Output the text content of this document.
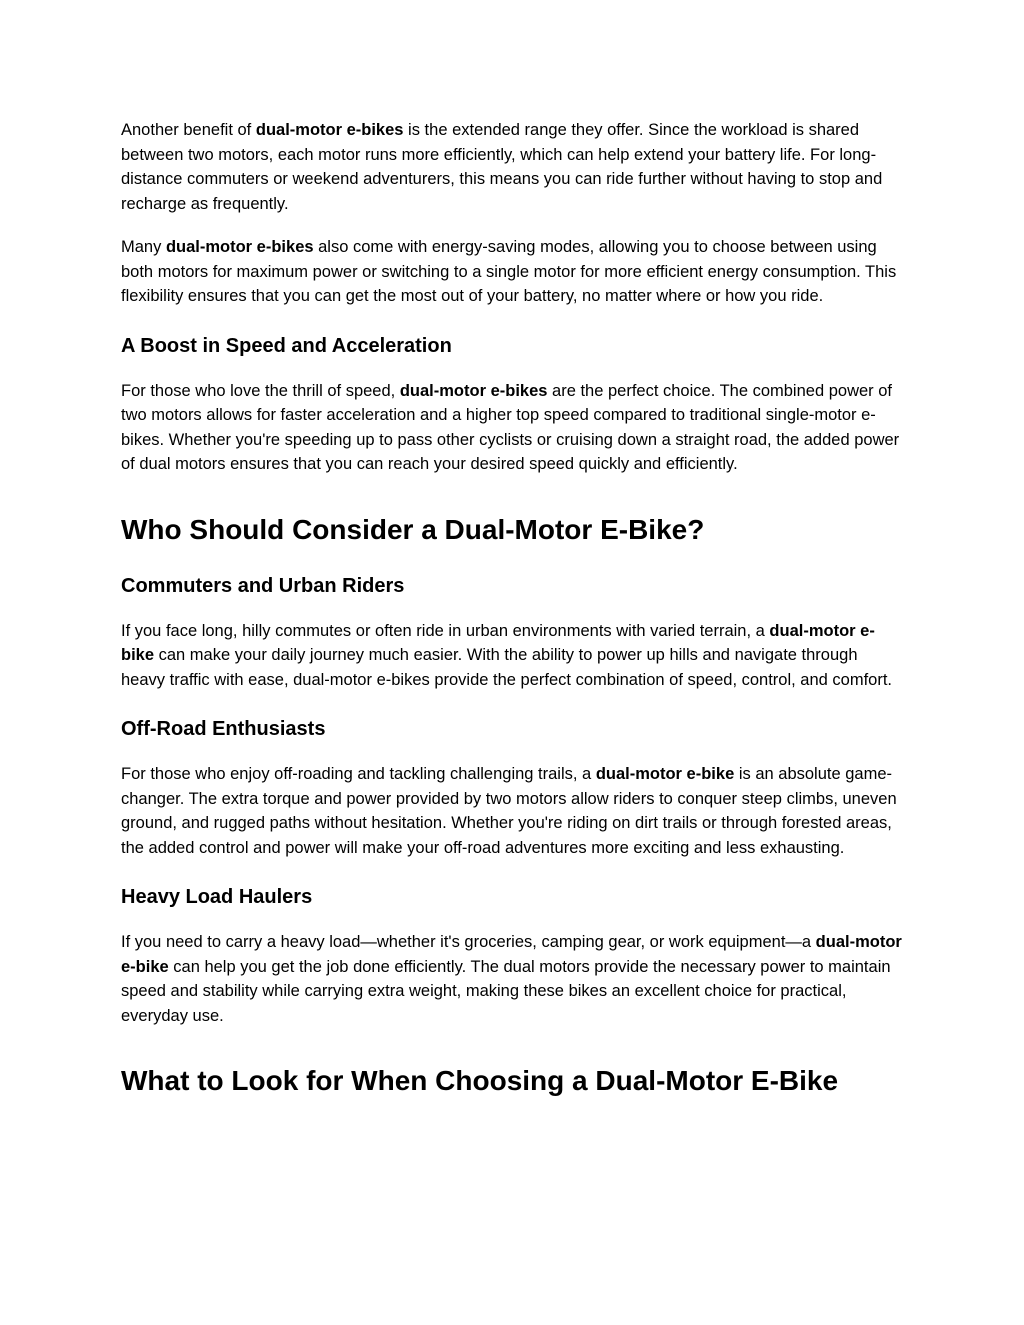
Another benefit of dual-motor e-bikes is the extended range they offer. Since the workload is shared between two motors, each motor runs more efficiently, which can help extend your battery life. For long-distance commuters or weekend adventurers, this means you can ride further without having to stop and recharge as frequently.

Many dual-motor e-bikes also come with energy-saving modes, allowing you to choose between using both motors for maximum power or switching to a single motor for more efficient energy consumption. This flexibility ensures that you can get the most out of your battery, no matter where or how you ride.

A Boost in Speed and Acceleration

For those who love the thrill of speed, dual-motor e-bikes are the perfect choice. The combined power of two motors allows for faster acceleration and a higher top speed compared to traditional single-motor e-bikes. Whether you're speeding up to pass other cyclists or cruising down a straight road, the added power of dual motors ensures that you can reach your desired speed quickly and efficiently.

Who Should Consider a Dual-Motor E-Bike?
Commuters and Urban Riders

If you face long, hilly commutes or often ride in urban environments with varied terrain, a dual-motor e-bike can make your daily journey much easier. With the ability to power up hills and navigate through heavy traffic with ease, dual-motor e-bikes provide the perfect combination of speed, control, and comfort.

Off-Road Enthusiasts

For those who enjoy off-roading and tackling challenging trails, a dual-motor e-bike is an absolute game-changer. The extra torque and power provided by two motors allow riders to conquer steep climbs, uneven ground, and rugged paths without hesitation. Whether you're riding on dirt trails or through forested areas, the added control and power will make your off-road adventures more exciting and less exhausting.

Heavy Load Haulers

If you need to carry a heavy load—whether it's groceries, camping gear, or work equipment—a dual-motor e-bike can help you get the job done efficiently. The dual motors provide the necessary power to maintain speed and stability while carrying extra weight, making these bikes an excellent choice for practical, everyday use.

What to Look for When Choosing a Dual-Motor E-Bike
